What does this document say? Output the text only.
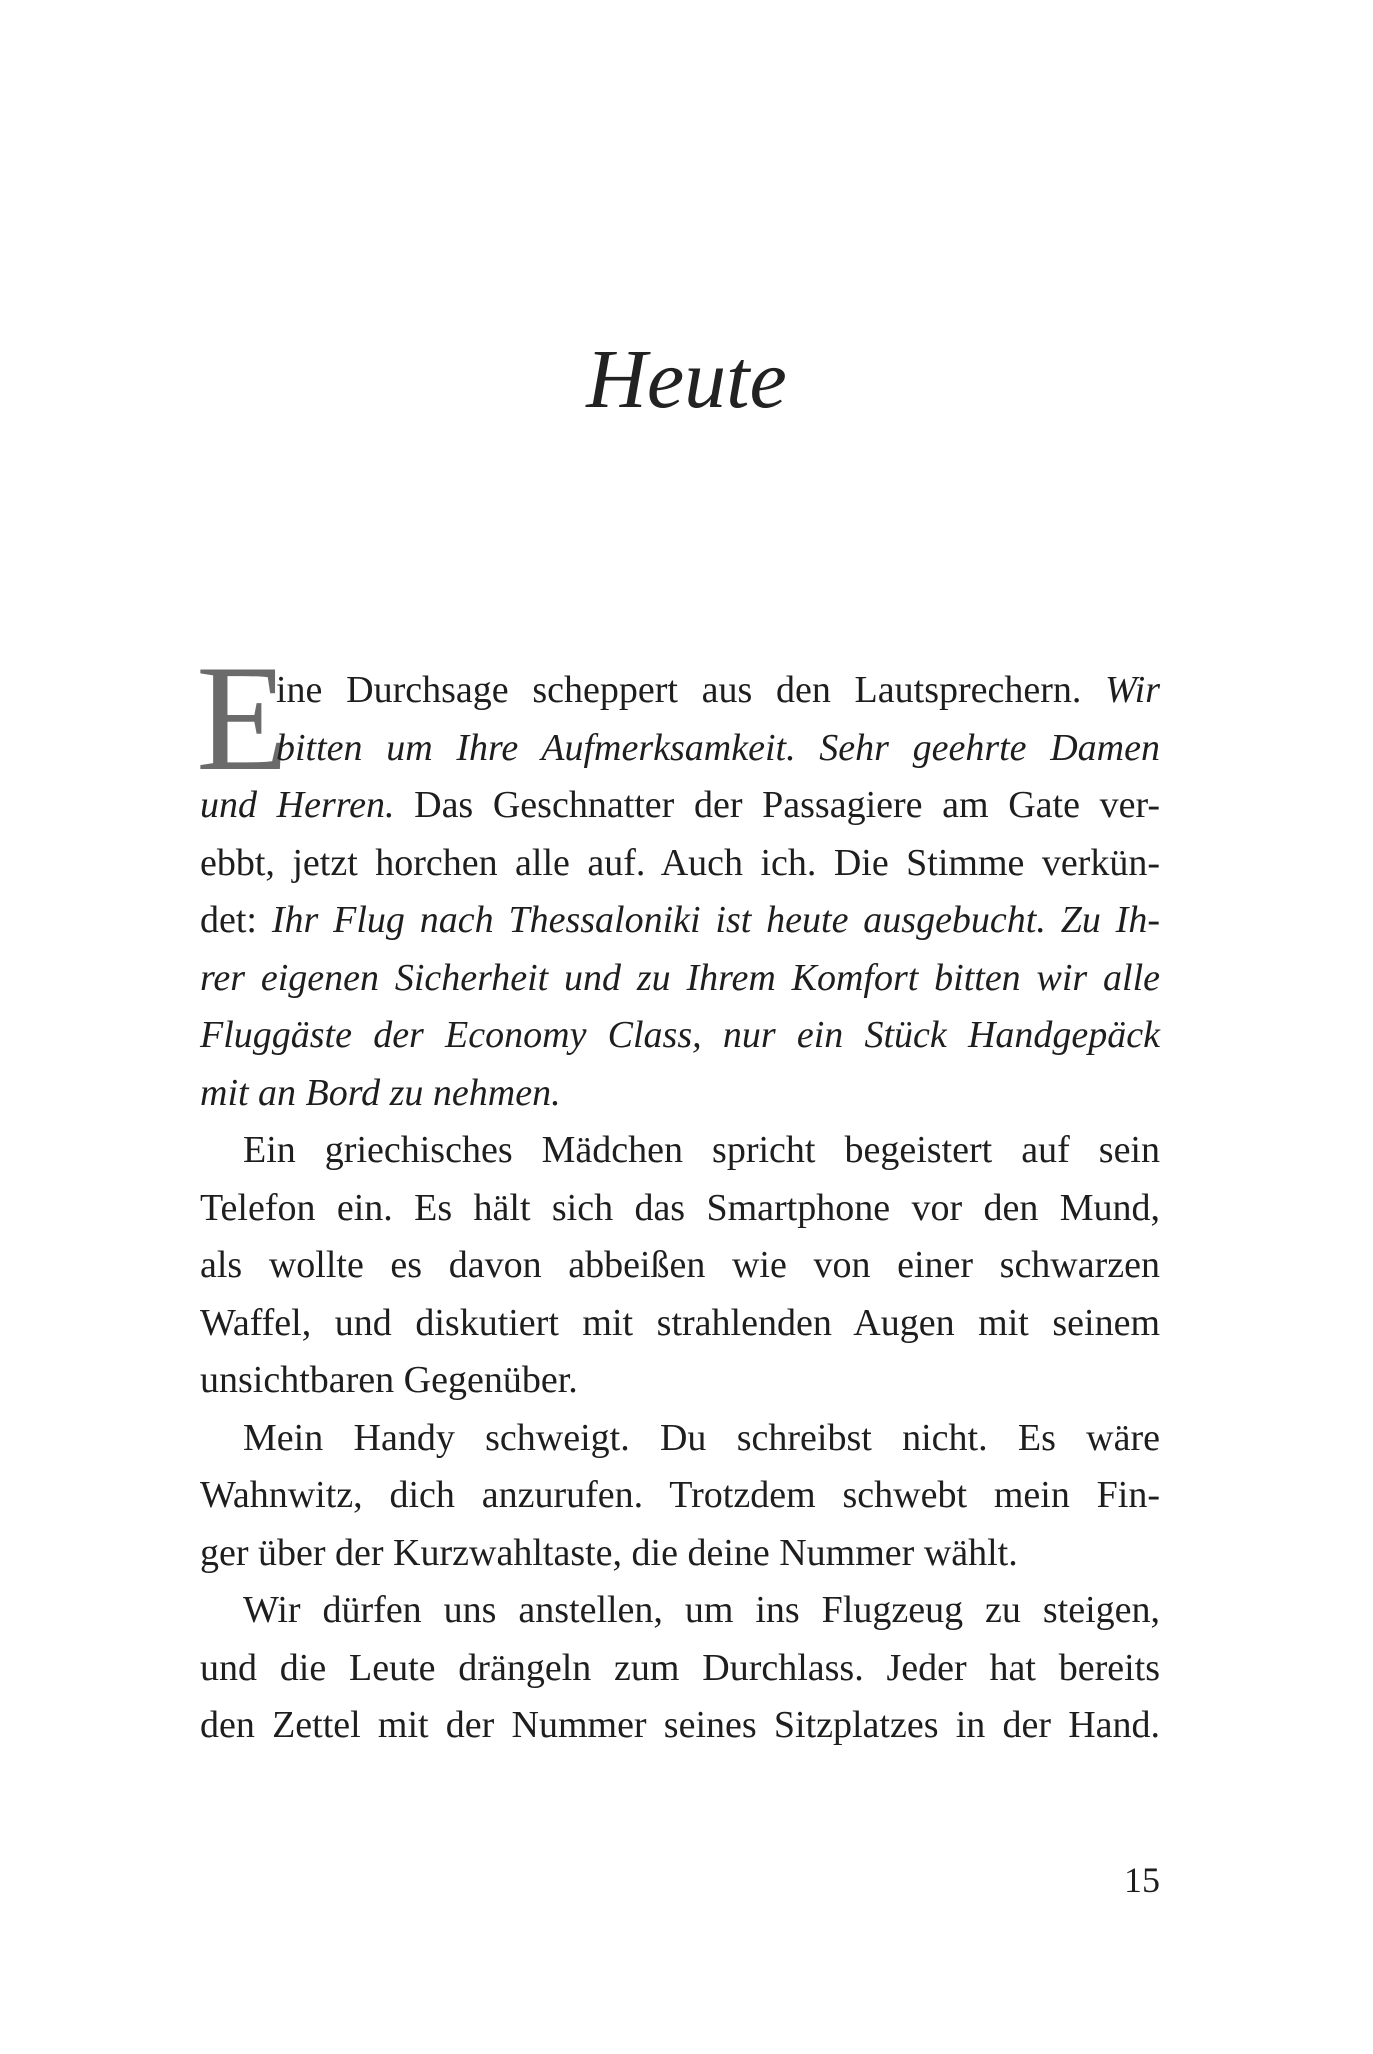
Heute
E
ine Durchsage scheppert aus den Lautsprechern. Wir
bitten um Ihre Aufmerksamkeit. Sehr geehrte Damen
und Herren. Das Geschnatter der Passagiere am Gate ver-
ebbt, jetzt horchen alle auf. Auch ich. Die Stimme verkün-
det: Ihr Flug nach Thessaloniki ist heute ausgebucht. Zu Ih-
rer eigenen Sicherheit und zu Ihrem Komfort bitten wir alle
Fluggäste der Economy Class, nur ein Stück Handgepäck
mit an Bord zu nehmen.
Ein griechisches Mädchen spricht begeistert auf sein
Telefon ein. Es hält sich das Smartphone vor den Mund,
als wollte es davon abbeißen wie von einer schwarzen
Waffel, und diskutiert mit strahlenden Augen mit seinem
unsichtbaren Gegenüber.
Mein Handy schweigt. Du schreibst nicht. Es wäre
Wahnwitz, dich anzurufen. Trotzdem schwebt mein Fin-
ger über der Kurzwahltaste, die deine Nummer wählt.
Wir dürfen uns anstellen, um ins Flugzeug zu steigen,
und die Leute drängeln zum Durchlass. Jeder hat bereits
den Zettel mit der Nummer seines Sitzplatzes in der Hand.
15
